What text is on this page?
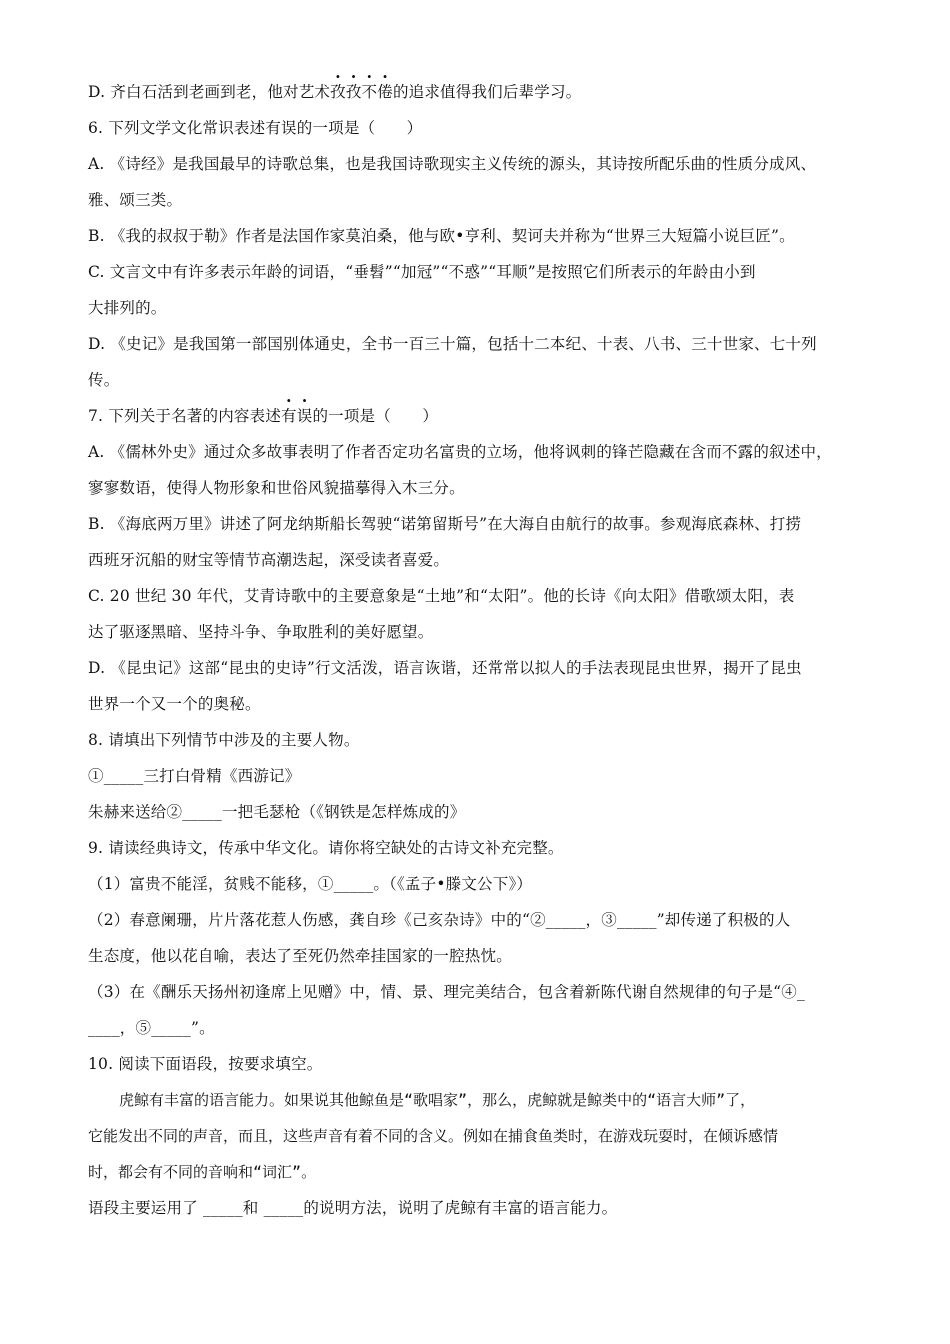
D. 齐白石活到老画到老，他对艺术孜孜不倦的追求值得我们后辈学习。
6. 下列文学文化常识表述有误的一项是（　　）
A. 《诗经》是我国最早的诗歌总集，也是我国诗歌现实主义传统的源头，其诗按所配乐曲的性质分成风、
雅、颂三类。
B. 《我的叔叔于勒》作者是法国作家莫泊桑，他与欧•亨利、契诃夫并称为“世界三大短篇小说巨匠”。
C. 文言文中有许多表示年龄的词语，“垂髫”“加冠”“不惑”“耳顺”是按照它们所表示的年龄由小到
大排列的。
D. 《史记》是我国第一部国别体通史，全书一百三十篇，包括十二本纪、十表、八书、三十世家、七十列
传。
7. 下列关于名著的内容表述有误的一项是（　　）
A. 《儒林外史》通过众多故事表明了作者否定功名富贵的立场，他将讽刺的锋芒隐藏在含而不露的叙述中，
寥寥数语，使得人物形象和世俗风貌描摹得入木三分。
B. 《海底两万里》讲述了阿龙纳斯船长驾驶“诺第留斯号”在大海自由航行的故事。参观海底森林、打捞
西班牙沉船的财宝等情节高潮迭起，深受读者喜爱。
C. 20 世纪 30 年代，艾青诗歌中的主要意象是“土地”和“太阳”。他的长诗《向太阳》借歌颂太阳，表
达了驱逐黑暗、坚持斗争、争取胜利的美好愿望。
D. 《昆虫记》这部“昆虫的史诗”行文活泼，语言诙谐，还常常以拟人的手法表现昆虫世界，揭开了昆虫
世界一个又一个的奥秘。
8. 请填出下列情节中涉及的主要人物。
①_____三打白骨精《西游记》
朱赫来送给②_____一把毛瑟枪（《钢铁是怎样炼成的》
9. 请读经典诗文，传承中华文化。请你将空缺处的古诗文补充完整。
（1）富贵不能淫，贫贱不能移，①_____。（《孟子•滕文公下》）
（2）春意阑珊，片片落花惹人伤感，龚自珍《己亥杂诗》中的“②_____，③_____”却传递了积极的人
生态度，他以花自喻，表达了至死仍然牵挂国家的一腔热忱。
（3）在《酬乐天扬州初逢席上见赠》中，情、景、理完美结合，包含着新陈代谢自然规律的句子是“④_
____，⑤_____”。
10. 阅读下面语段，按要求填空。
虎鲸有丰富的语言能力。如果说其他鲸鱼是“歌唱家”，那么，虎鲸就是鲸类中的“语言大师”了，
它能发出不同的声音，而且，这些声音有着不同的含义。例如在捕食鱼类时，在游戏玩耍时，在倾诉感情
时，都会有不同的音响和“词汇”。
语段主要运用了 _____和 _____的说明方法，说明了虎鲸有丰富的语言能力。
